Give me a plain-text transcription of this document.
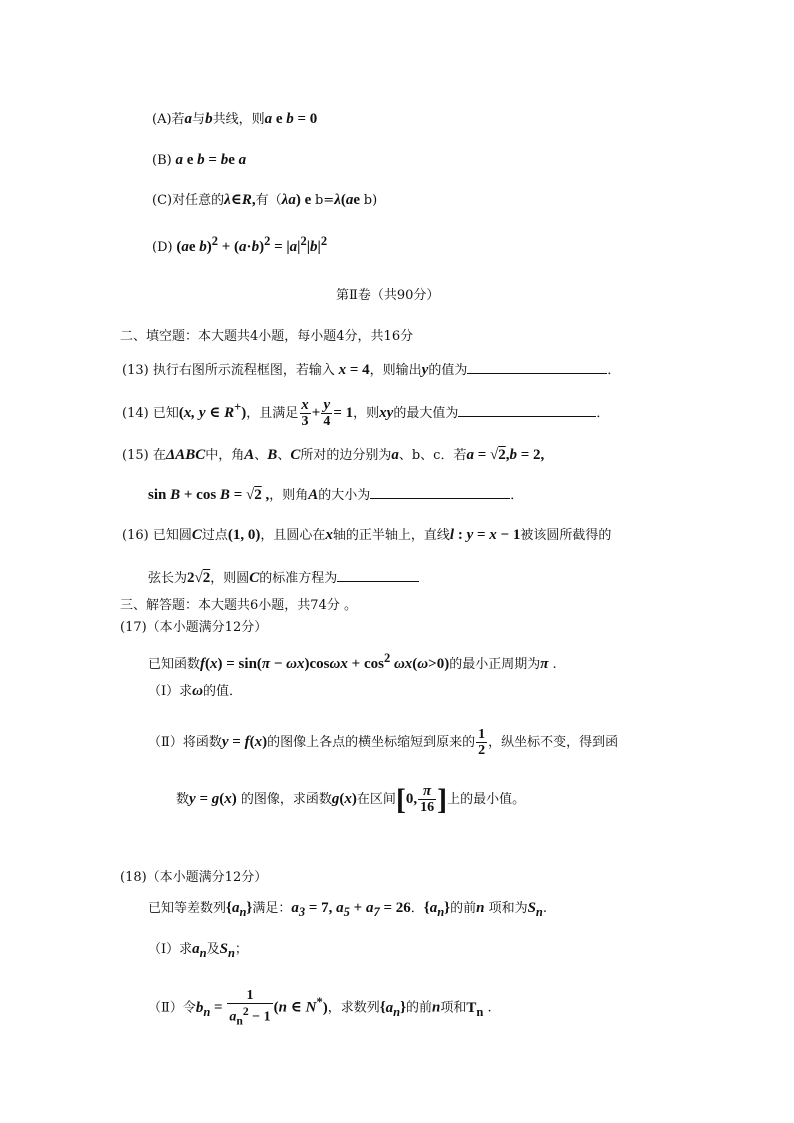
(A)若a与b共线，则a e b = 0
(B) a e b = be a
(C)对任意的λ∈R,有（λa) e b=λ(ae b)
(D) (ae $b)^2 + (a\cdot b)^2 = |a|^2|b|^2$
第Ⅱ卷（共90分）
二、填空题：本大题共4小题，每小题4分，共16分
(13) 执行右图所示流程框图，若输入 x = 4，则输出y的值为	．
(14) 已知(x, y ∈ R+)，且满足 $\frac{x}{3} + \frac{y}{4} = 1$，则xy的最大值为	．
(15) 在ΔABC中，角A、B、C所对的边分别为a、b、c．若a = √2,b = 2,
sin B + cos B = √2 ,，则角A的大小为	．
(16) 已知圆C过点(1, 0)，且圆心在x轴的正半轴上，直线l : y = x − 1被该圆所截得的
弦长为2√2，则圆C的标准方程为
三、解答题：本大题共6小题，共74分 。
(17)（本小题满分12分）
已知函数$f(x) = \sin(\pi - \omega x)\cos\omega x + \cos^2 \omega x(\omega>0)$的最小正周期为π .
（Ⅰ）求ω的值．
（Ⅱ）将函数y = f(x)的图像上各点的横坐标缩短到原来的 $\frac{1}{2}$ ，纵坐标不变，得到函
数y = g(x) 的图像，求函数g(x)在区间[0, $\frac{\pi}{16}$ ]上的最小值。
(18)（本小题满分12分）
已知等差数列$\{a_n\}$满足：$a_3 = 7$, $a_5 + a_7 = 26$．$\{a_n\}$的前n 项和为$S_n$.
（Ⅰ）求$a_n$及$S_n$；
（Ⅱ）令$b_n = \frac{1}{a_n^2 - 1} (n$ ∈ N*)，求数列$\{a_n\}$的前n项和$T_n$ .
